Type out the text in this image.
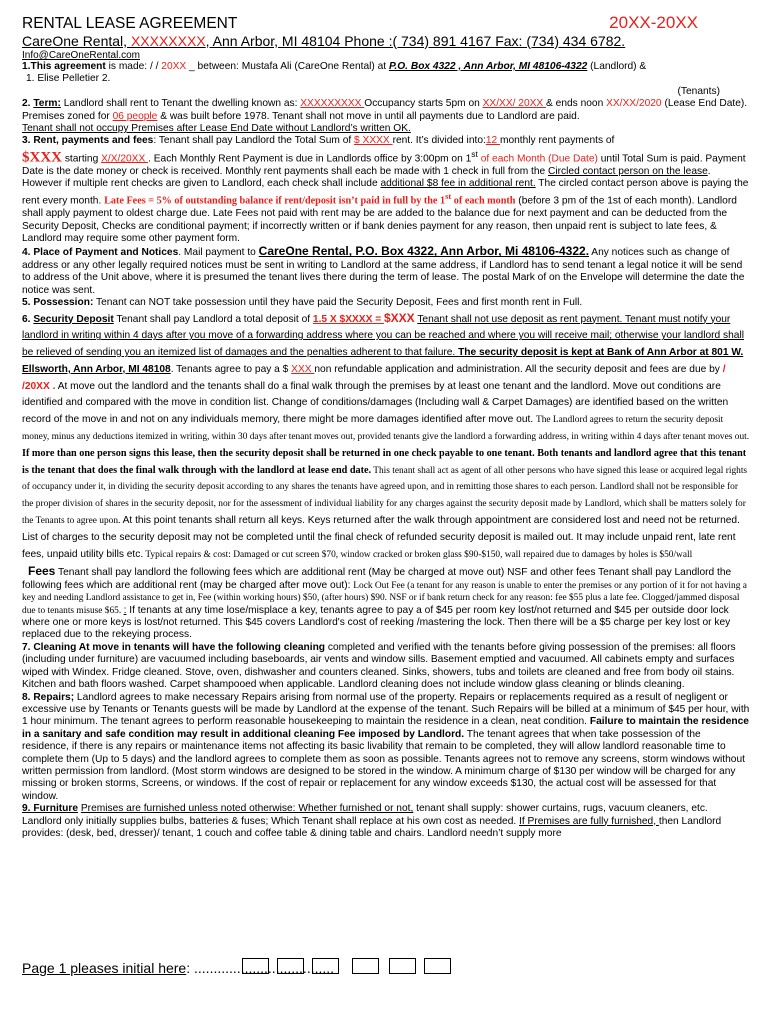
RENTAL LEASE AGREEMENT	20XX-20XX
CareOne Rental, XXXXXXXX, Ann Arbor, MI 48104 Phone :( 734) 891 4167 Fax: (734) 434 6782.
Info@CareOneRental.com

1.This agreement is made: / / 20XX _ between: Mustafa Ali (CareOne Rental) at P.O. Box 4322 , Ann Arbor, MI 48106-4322 (Landlord) &

1. Elise Pelletier 2.

(Tenants)

2. Term: Landlord shall rent to Tenant the dwelling known as: XXXXXXXXX Occupancy starts 5pm on XX/XX/ 20XX & ends noon XX/XX/2020 (Lease End Date). Premises zoned for 06 people & was built before 1978. Tenant shall not move in until all payments due to Landlord are paid.
Tenant shall not occupy Premises after Lease End Date without Landlord’s written OK.

3. Rent, payments and fees: Tenant shall pay Landlord the Total Sum of $ XXXX rent. It’s divided into:12 monthly rent payments of
$XXX starting X/X/20XX . Each Monthly Rent Payment is due in Landlords office by 3:00pm on 1st of each Month (Due Date) until Total Sum is paid. Payment Date is the date money or check is received. Monthly rent payments shall each be made with 1 check in full from the Circled contact person on the lease. However if multiple rent checks are given to Landlord, each check shall include additional $8 fee in additional rent. The circled contact person above is paying the rent every month. Late Fees = 5% of outstanding balance if rent/deposit isn’t paid in full by the 1st of each month (before 3 pm of the 1st of each month). Landlord shall apply payment to oldest charge due. Late Fees not paid with rent may be are added to the balance due for next payment and can be deducted from the Security Deposit, Checks are conditional payment; if incorrectly written or if bank denies payment for any reason, then unpaid rent is subject to late fees, & Landlord may require some other payment form.

4. Place of Payment and Notices. Mail payment to CareOne Rental, P.O. Box 4322, Ann Arbor, Mi 48106-4322. Any notices such as change of address or any other legally required notices must be sent in writing to Landlord at the same address, if Landlord has to send tenant a legal notice it will be send to address of the Unit above, where it is presumed the tenant lives there during the term of lease. The postal Mark of on the Envelope will determine the date the notice was sent.

5. Possession: Tenant can NOT take possession until they have paid the Security Deposit, Fees and first month rent in Full.

6. Security Deposit Tenant shall pay Landlord a total deposit of 1.5 X $XXXX = $XXX Tenant shall not use deposit as rent payment. Tenant must notify your landlord in writing within 4 days after you move of a forwarding address where you can be reached and where you will receive mail; otherwise your landlord shall be relieved of sending you an itemized list of damages and the penalties adherent to that failure. The security deposit is kept at Bank of Ann Arbor at 801 W. Ellsworth, Ann Arbor, MI 48108. Tenants agree to pay a $ XXX non refundable application and administration. All the security deposit and fees are due by / /20XX . At move out the landlord and the tenants shall do a final walk through the premises by at least one tenant and the landlord. Move out conditions are identified and compared with the move in condition list. Change of conditions/damages (Including wall & Carpet Damages) are identified based on the written record of the move in and not on any individuals memory, there might be more damages identified after move out. The Landlord agrees to return the security deposit money, minus any deductions itemized in writing, within 30 days after tenant moves out, provided tenants give the landlord a forwarding address, in writing within 4 days after tenant moves out. If more than one person signs this lease, then the security deposit shall be returned in one check payable to one tenant. Both tenants and landlord agree that this tenant is the tenant that does the final walk through with the landlord at lease end date. This tenant shall act as agent of all other persons who have signed this lease or acquired legal rights of occupancy under it, in dividing the security deposit according to any shares the tenants have agreed upon, and in remitting those shares to each person. Landlord shall not be responsible for the proper division of shares in the security deposit, nor for the assessment of individual liability for any charges against the security deposit made by Landlord, which shall be matters solely for the Tenants to agree upon. At this point tenants shall return all keys. Keys returned after the walk through appointment are considered lost and need not be returned. List of charges to the security deposit may not be completed until the final check of refunded security deposit is mailed out. It may include unpaid rent, late rent fees, unpaid utility bills etc. Typical repairs & cost: Damaged or cut screen $70, window cracked or broken glass $90-$150, wall repaired due to damages by holes is $50/wall

Fees Tenant shall pay landlord the following fees which are additional rent (May be charged at move out) NSF and other fees Tenant shall pay Landlord the following fees which are additional rent (may be charged after move out): Lock Out Fee (a tenant for any reason is unable to enter the premises or any portion of it for not having a key and needing Landlord assistance to get in, Fee (within working hours) $50, (after hours) $90. NSF or if bank return check for any reason: fee $55 plus a late fee. Clogged/jammed disposal due to tenants misuse $65. : If tenants at any time lose/misplace a key, tenants agree to pay a of $45 per room key lost/not returned and $45 per outside door lock where one or more keys is lost/not returned. This $45 covers Landlord's cost of reeking /mastering the lock. Then there will be a $5 charge per key lost or key replaced due to the rekeying process.

7. Cleaning At move in tenants will have the following cleaning completed and verified with the tenants before giving possession of the premises: all floors (including under furniture) are vacuumed including baseboards, air vents and window sills. Basement emptied and vacuumed. All cabinets empty and surfaces wiped with Windex. Fridge cleaned. Stove, oven, dishwasher and counters cleaned. Sinks, showers, tubs and toilets are cleaned and free from body oil stains. Kitchen and bath floors washed. Carpet shampooed when applicable. Landlord cleaning does not include window glass cleaning or blinds cleaning.

8. Repairs; Landlord agrees to make necessary Repairs arising from normal use of the property. Repairs or replacements required as a result of negligent or excessive use by Tenants or Tenants guests will be made by Landlord at the expense of the tenant. Such Repairs will be billed at a minimum of $45 per hour, with 1 hour minimum. The tenant agrees to perform reasonable housekeeping to maintain the residence in a clean, neat condition. Failure to maintain the residence in a sanitary and safe condition may result in additional cleaning Fee imposed by Landlord. The tenant agrees that when take possession of the residence, if there is any repairs or maintenance items not affecting its basic livability that remain to be completed, they will allow landlord reasonable time to complete them (Up to 5 days) and the landlord agrees to complete them as soon as possible. Tenants agrees not to remove any screens, storm windows without written permission from landlord. (Most storm windows are designed to be stored in the window. A minimum charge of $130 per window will be charged for any missing or broken storms, Screens, or windows. If the cost of repair or replacement for any window exceeds $130, the actual cost will be assessed for that window.

9. Furniture Premises are furnished unless noted otherwise: Whether furnished or not, tenant shall supply: shower curtains, rugs, vacuum cleaners, etc. Landlord only initially supplies bulbs, batteries & fuses; Which Tenant shall replace at his own cost as needed. If Premises are fully furnished, then Landlord provides: (desk, bed, dresser)/ tenant, 1 couch and coffee table & dining table and chairs. Landlord needn’t supply more

Page 1 pleases initial here: ....................................
